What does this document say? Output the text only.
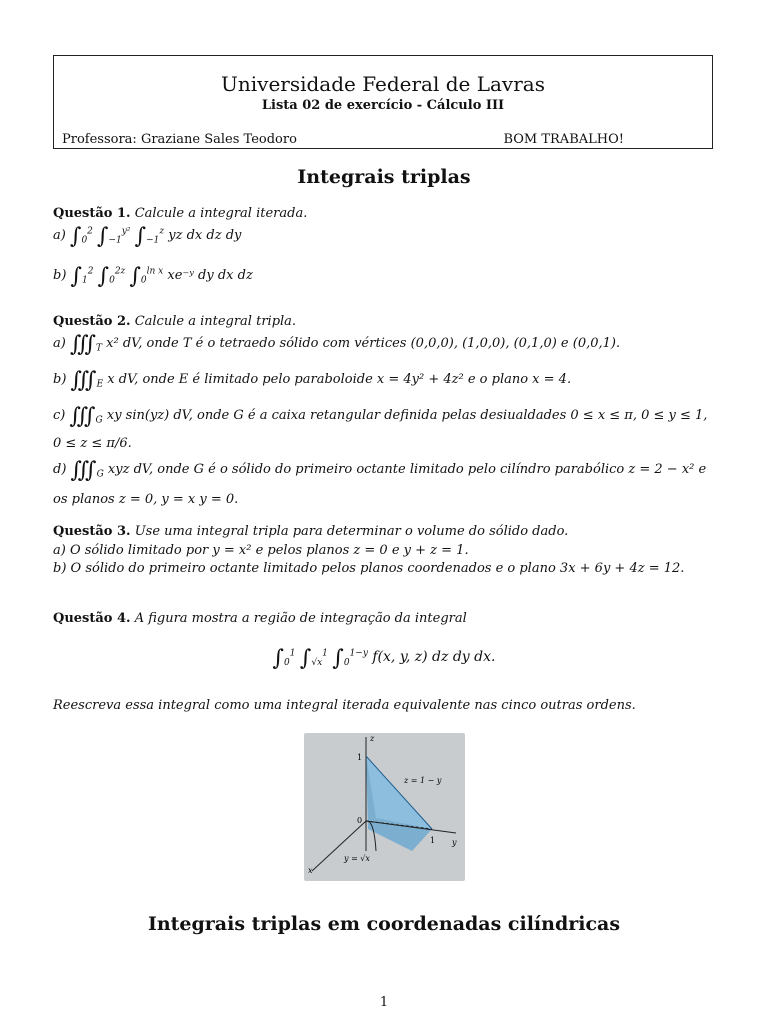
Universidade Federal de Lavras
Lista 02 de exercício - Cálculo III
Professora: Graziane Sales Teodoro	BOM TRABALHO!
Integrais triplas
Questão 1. Calcule a integral iterada.
a) $\int_0^2$ $\int_{-1}^{y^2}$ $\int_{-1}^z$ yz dx dz dy
b) $\int_1^2$ $\int_0^{2z}$ $\int_0^{ln x}$ xe⁻ʸ dy dx dz
Questão 2. Calcule a integral tripla.
a) $∭_T$ x² dV, onde T é o tetraedo sólido com vértices (0,0,0), (1,0,0), (0,1,0) e (0,0,1).
b) $∭_E$ x dV, onde E é limitado pelo paraboloide x = 4y² + 4z² e o plano x = 4.
c) $∭_G$ xy sin(yz) dV, onde G é a caixa retangular definida pelas desiualdades 0 ≤ x ≤ π, 0 ≤ y ≤ 1,
0 ≤ z ≤ π/6.
d) $∭_G$ xyz dV, onde G é o sólido do primeiro octante limitado pelo cilíndro parabólico z = 2 − x² e
os planos z = 0, y = x y = 0.
Questão 3. Use uma integral tripla para determinar o volume do sólido dado.
a) O sólido limitado por y = x² e pelos planos z = 0 e y + z = 1.
b) O sólido do primeiro octante limitado pelos planos coordenados e o plano 3x + 6y + 4z = 12.
Questão 4. A figura mostra a região de integração da integral
$\int_0^1$ $\int_{√x}^1$ $\int_0^{1-y}$ f(x, y, z) dz dy dx.
Reescreva essa integral como uma integral iterada equivalente nas cinco outras ordens.
z
y
x
1
1
0
z = 1 − y
y = √x
Integrais triplas em coordenadas cilíndricas
1
